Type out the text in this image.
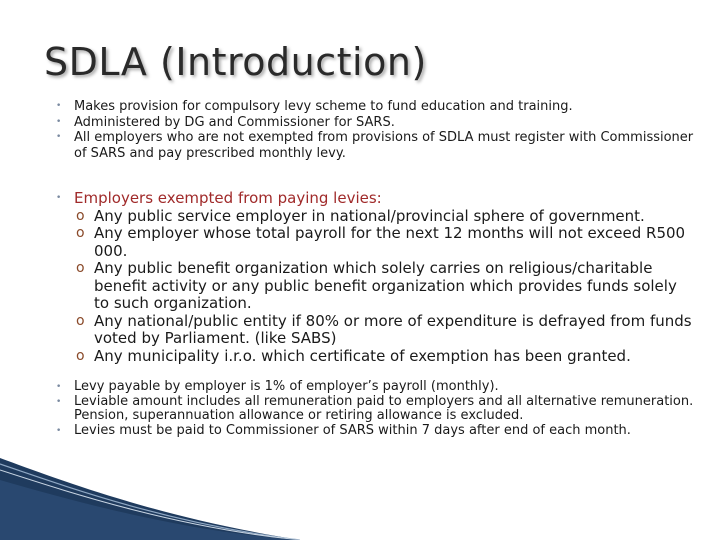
SDLA (Introduction)
• Makes provision for compulsory levy scheme to fund education and training.
• Administered by DG and Commissioner for SARS.
• All employers who are not exempted from provisions of SDLA must register with Commissioner of SARS and pay prescribed monthly levy.
• Employers exempted from paying levies:
o Any public service employer in national/provincial sphere of government.
o Any employer whose total payroll for the next 12 months will not exceed R500 000.
o Any public benefit organization which solely carries on religious/charitable benefit activity or any public benefit organization which provides funds solely to such organization.
o Any national/public entity if 80% or more of expenditure is defrayed from funds voted by Parliament. (like SABS)
o Any municipality i.r.o. which certificate of exemption has been granted.
• Levy payable by employer is 1% of employer’s payroll (monthly).
• Leviable amount includes all remuneration paid to employers and all alternative remuneration. Pension, superannuation allowance or retiring allowance is excluded.
• Levies must be paid to Commissioner of SARS within 7 days after end of each month.
